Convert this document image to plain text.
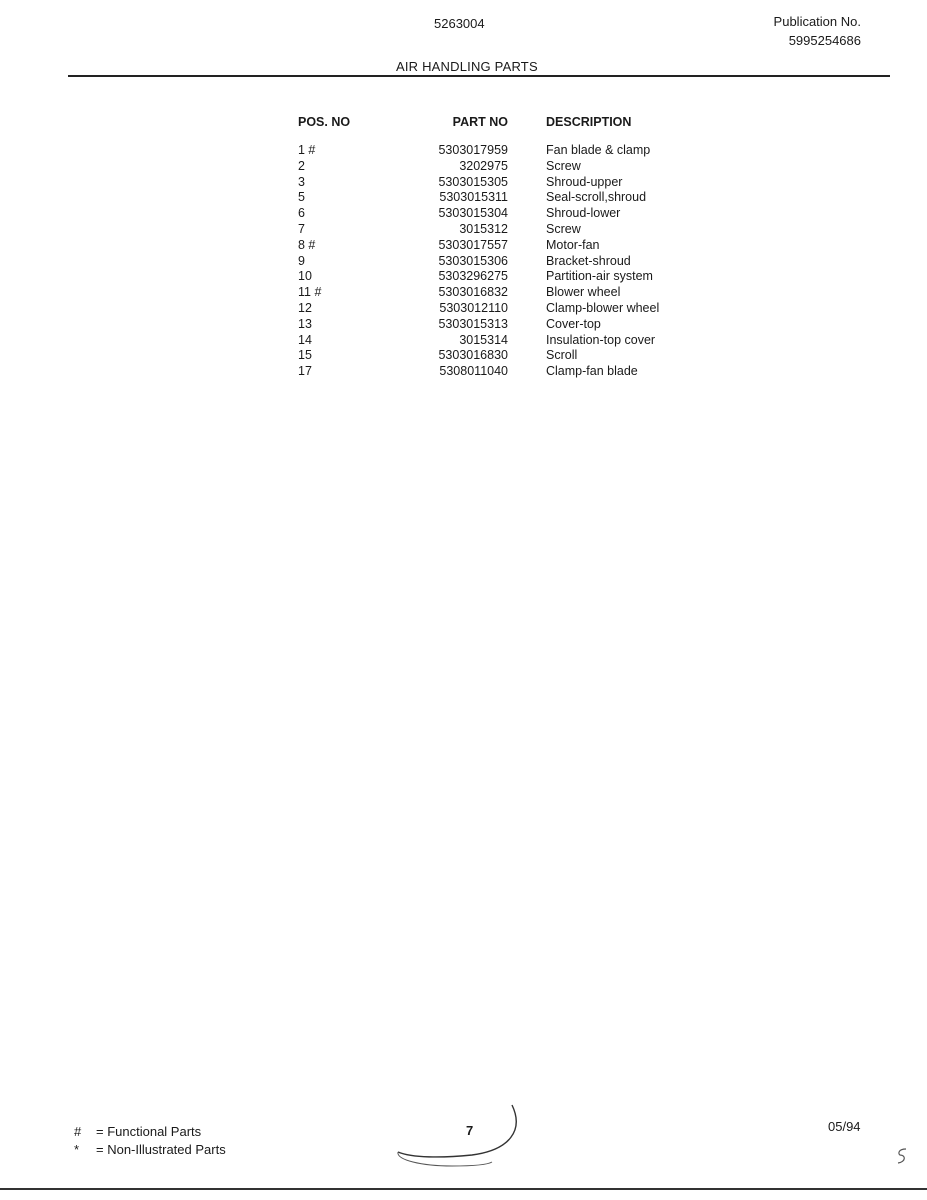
5263004	Publication No.
5995254686
AIR HANDLING PARTS
POS. NO	PART NO	DESCRIPTION
1 #	5303017959	Fan blade & clamp
2	3202975	Screw
3	5303015305	Shroud-upper
5	5303015311	Seal-scroll,shroud
6	5303015304	Shroud-lower
7	3015312	Screw
8 #	5303017557	Motor-fan
9	5303015306	Bracket-shroud
10	5303296275	Partition-air system
11 #	5303016832	Blower wheel
12	5303012110	Clamp-blower wheel
13	5303015313	Cover-top
14	3015314	Insulation-top cover
15	5303016830	Scroll
17	5308011040	Clamp-fan blade
# = Functional Parts
* = Non-Illustrated Parts
7	05/94
